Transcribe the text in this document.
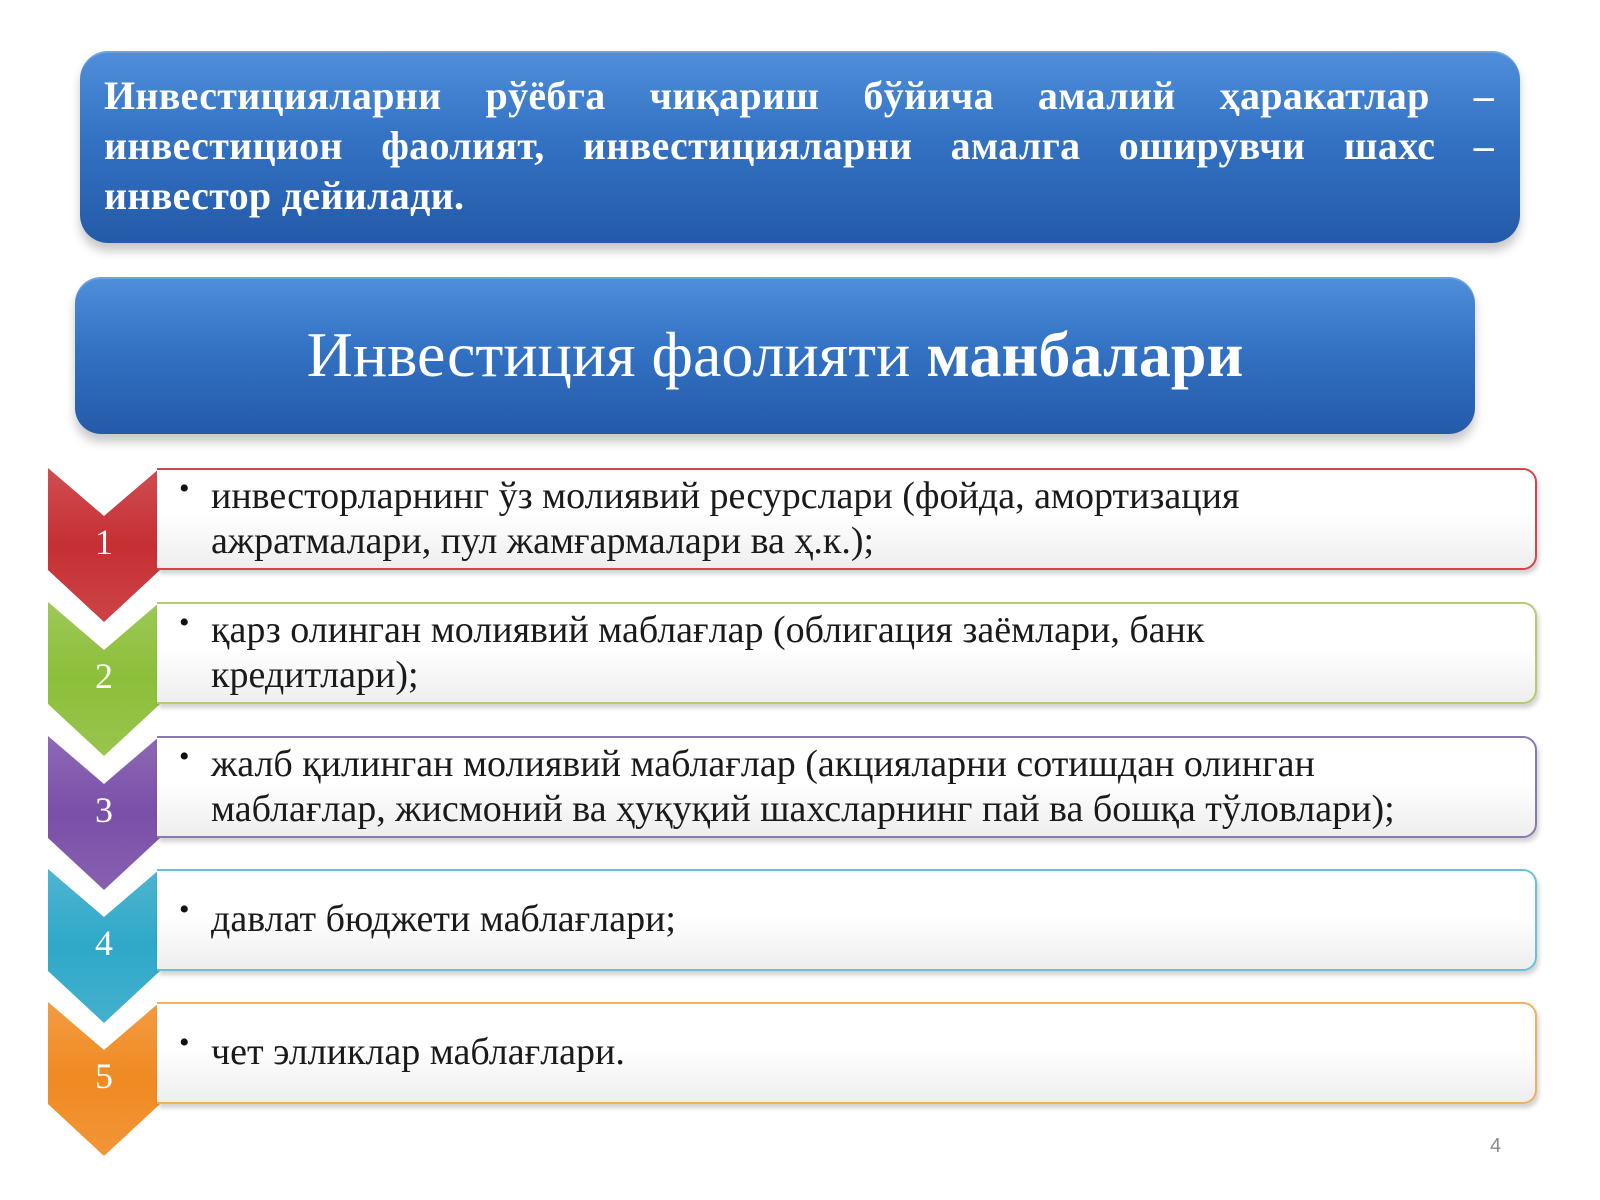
Инвестицияларни рўёбга чиқариш бўйича амалий ҳаракатлар – инвестицион фаолият, инвестицияларни амалга оширувчи шахс – инвестор дейилади.

Инвестиция фаолияти манбалари
1
• инвесторларнинг ўз молиявий ресурслари (фойда, амортизация
ажратмалари, пул жамғармалари ва ҳ.к.);

2
• қарз олинган молиявий маблағлар (облигация заёмлари, банк
кредитлари);

3
• жалб қилинган молиявий маблағлар (акцияларни сотишдан олинган
маблағлар, жисмоний ва ҳуқуқий шахсларнинг пай ва бошқа тўловлари);

4
• давлат бюджети маблағлари;

5
• чет элликлар маблағлари.

4
